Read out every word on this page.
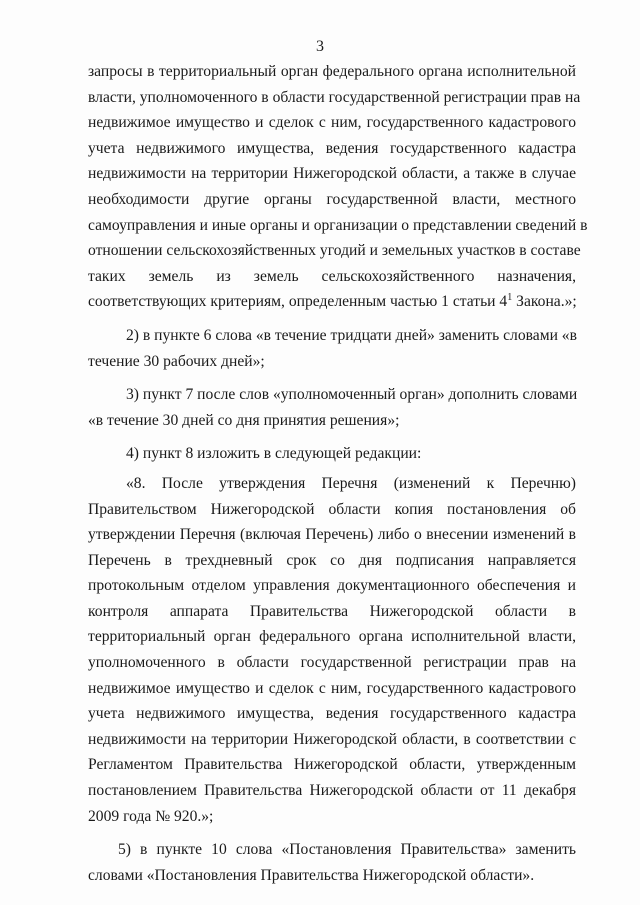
3
запросы в территориальный орган федерального органа исполнительной
власти, уполномоченного в области государственной регистрации прав на
недвижимое имущество и сделок с ним, государственного кадастрового
учета недвижимого имущества, ведения государственного кадастра
недвижимости на территории Нижегородской области, а также в случае
необходимости другие органы государственной власти, местного
самоуправления и иные органы и организации о представлении сведений в
отношении сельскохозяйственных угодий и земельных участков в составе
таких земель из земель сельскохозяйственного назначения,
соответствующих критериям, определенным частью 1 статьи $4^1$ Закона.»;
2) в пункте 6 слова «в течение тридцати дней» заменить словами «в
течение 30 рабочих дней»;
3) пункт 7 после слов «уполномоченный орган» дополнить словами
«в течение 30 дней со дня принятия решения»;
4) пункт 8 изложить в следующей редакции:
«8. После утверждения Перечня (изменений к Перечню)
Правительством Нижегородской области копия постановления об
утверждении Перечня (включая Перечень) либо о внесении изменений в
Перечень в трехдневный срок со дня подписания направляется
протокольным отделом управления документационного обеспечения и
контроля аппарата Правительства Нижегородской области в
территориальный орган федерального органа исполнительной власти,
уполномоченного в области государственной регистрации прав на
недвижимое имущество и сделок с ним, государственного кадастрового
учета недвижимого имущества, ведения государственного кадастра
недвижимости на территории Нижегородской области, в соответствии с
Регламентом Правительства Нижегородской области, утвержденным
постановлением Правительства Нижегородской области от 11 декабря
2009 года № 920.»;
5) в пункте 10 слова «Постановления Правительства» заменить
словами «Постановления Правительства Нижегородской области».
